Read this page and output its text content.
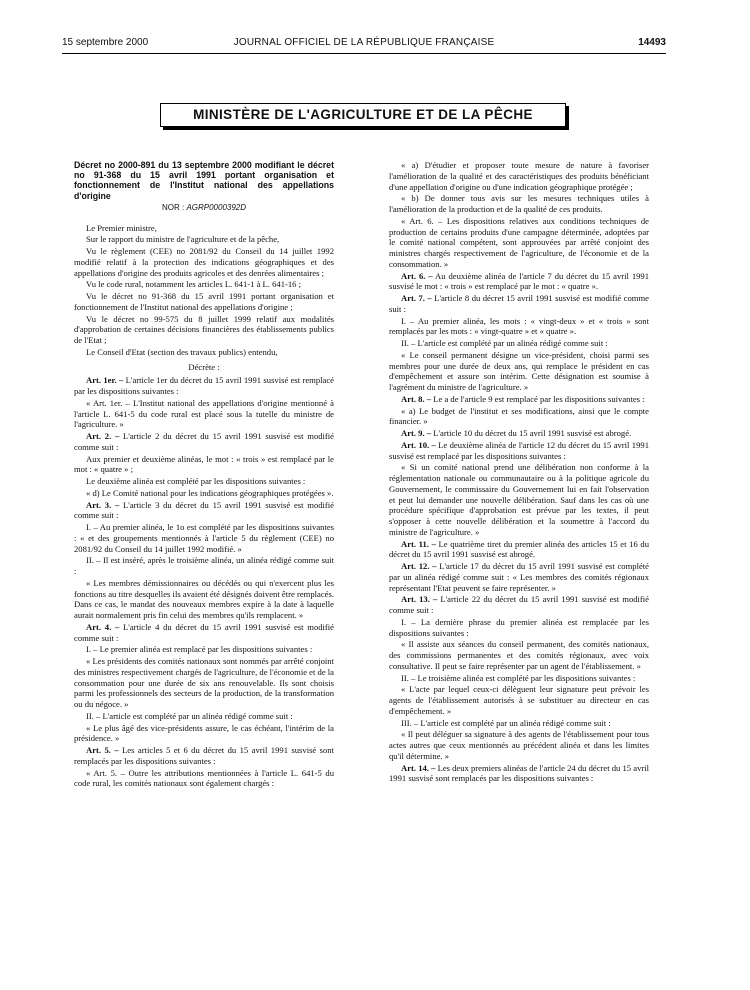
15 septembre 2000	JOURNAL OFFICIEL DE LA RÉPUBLIQUE FRANÇAISE	14493
MINISTÈRE DE L'AGRICULTURE ET DE LA PÊCHE
Décret no 2000-891 du 13 septembre 2000 modifiant le décret no 91-368 du 15 avril 1991 portant organisation et fonctionnement de l'Institut national des appellations d'origine
NOR : AGRP0000392D

Le Premier ministre,

Sur le rapport du ministre de l'agriculture et de la pêche,

Vu le règlement (CEE) no 2081/92 du Conseil du 14 juillet 1992 modifié relatif à la protection des indications géographiques et des appellations d'origine des produits agricoles et des denrées alimentaires ;

Vu le code rural, notamment les articles L. 641-1 à L. 641-16 ;

Vu le décret no 91-368 du 15 avril 1991 portant organisation et fonctionnement de l'Institut national des appellations d'origine ;

Vu le décret no 99-575 du 8 juillet 1999 relatif aux modalités d'approbation de certaines décisions financières des établissements publics de l'Etat ;

Le Conseil d'Etat (section des travaux publics) entendu,

Décrète :

Art. 1er. – L'article 1er du décret du 15 avril 1991 susvisé est remplacé par les dispositions suivantes :

« Art. 1er. – L'Institut national des appellations d'origine mentionné à l'article L. 641-5 du code rural est placé sous la tutelle du ministre de l'agriculture. »

Art. 2. – L'article 2 du décret du 15 avril 1991 susvisé est modifié comme suit :

Aux premier et deuxième alinéas, le mot : « trois » est remplacé par le mot : « quatre » ;

Le deuxième alinéa est complété par les dispositions suivantes :

« d) Le Comité national pour les indications géographiques protégées ».

Art. 3. – L'article 3 du décret du 15 avril 1991 susvisé est modifié comme suit :

I. – Au premier alinéa, le 1o est complété par les dispositions suivantes : « et des groupements mentionnés à l'article 5 du règlement (CEE) no 2081/92 du Conseil du 14 juillet 1992 modifié. »

II. – Il est inséré, après le troisième alinéa, un alinéa rédigé comme suit :

« Les membres démissionnaires ou décédés ou qui n'exercent plus les fonctions au titre desquelles ils avaient été désignés doivent être remplacés. Dans ce cas, le mandat des nouveaux membres expire à la date à laquelle aurait normalement pris fin celui des membres qu'ils remplacent. »

Art. 4. – L'article 4 du décret du 15 avril 1991 susvisé est modifié comme suit :

I. – Le premier alinéa est remplacé par les dispositions suivantes :

« Les présidents des comités nationaux sont nommés par arrêté conjoint des ministres respectivement chargés de l'agriculture, de l'économie et de la consommation pour une durée de six ans renouvelable. Ils sont choisis parmi les professionnels des secteurs de la production, de la transformation ou du négoce. »

II. – L'article est complété par un alinéa rédigé comme suit :

« Le plus âgé des vice-présidents assure, le cas échéant, l'intérim de la présidence. »

Art. 5. – Les articles 5 et 6 du décret du 15 avril 1991 susvisé sont remplacés par les dispositions suivantes :

« Art. 5. – Outre les attributions mentionnées à l'article L. 641-5 du code rural, les comités nationaux sont également chargés :

« a) D'étudier et proposer toute mesure de nature à favoriser l'amélioration de la qualité et des caractéristiques des produits bénéficiant d'une appellation d'origine ou d'une indication géographique protégée ;

« b) De donner tous avis sur les mesures techniques utiles à l'amélioration de la production et de la qualité de ces produits.

« Art. 6. – Les dispositions relatives aux conditions techniques de production de certains produits d'une campagne déterminée, adoptées par le comité national compétent, sont approuvées par arrêté conjoint des ministres chargés respectivement de l'agriculture, de l'économie et de la consommation. »

Art. 6. – Au deuxième alinéa de l'article 7 du décret du 15 avril 1991 susvisé le mot : « trois » est remplacé par le mot : « quatre ».

Art. 7. – L'article 8 du décret 15 avril 1991 susvisé est modifié comme suit :

I. – Au premier alinéa, les mots : « vingt-deux » et « trois » sont remplacés par les mots : « vingt-quatre » et « quatre ».

II. – L'article est complété par un alinéa rédigé comme suit :

« Le conseil permanent désigne un vice-président, choisi parmi ses membres pour une durée de deux ans, qui remplace le président en cas d'empêchement et assure son intérim. Cette désignation est soumise à l'agrément du ministre de l'agriculture. »

Art. 8. – Le a de l'article 9 est remplacé par les dispositions suivantes :

« a) Le budget de l'institut et ses modifications, ainsi que le compte financier. »

Art. 9. – L'article 10 du décret du 15 avril 1991 susvisé est abrogé.

Art. 10. – Le deuxième alinéa de l'article 12 du décret du 15 avril 1991 susvisé est remplacé par les dispositions suivantes :

« Si un comité national prend une délibération non conforme à la réglementation nationale ou communautaire ou à la politique agricole du Gouvernement, le commissaire du Gouvernement lui en fait l'observation et peut lui demander une nouvelle délibération. Sauf dans les cas où une procédure spécifique d'approbation est prévue par les textes, il peut s'opposer à cette nouvelle délibération et la soumettre à l'accord du ministre de l'agriculture. »

Art. 11. – Le quatrième tiret du premier alinéa des articles 15 et 16 du décret du 15 avril 1991 susvisé est abrogé.

Art. 12. – L'article 17 du décret du 15 avril 1991 susvisé est complété par un alinéa rédigé comme suit : « Les membres des comités régionaux représentant l'Etat peuvent se faire représenter. »

Art. 13. – L'article 22 du décret du 15 avril 1991 susvisé est modifié comme suit :

I. – La dernière phrase du premier alinéa est remplacée par les dispositions suivantes :

« Il assiste aux séances du conseil permanent, des comités nationaux, des commissions permanentes et des comités régionaux, avec voix consultative. Il peut se faire représenter par un agent de l'établissement. »

II. – Le troisième alinéa est complété par les dispositions suivantes :

« L'acte par lequel ceux-ci délèguent leur signature peut prévoir les agents de l'établissement autorisés à se substituer au directeur en cas d'empêchement. »

III. – L'article est complété par un alinéa rédigé comme suit :

« Il peut déléguer sa signature à des agents de l'établissement pour tous actes autres que ceux mentionnés au précédent alinéa et dans les limites qu'il détermine. »

Art. 14. – Les deux premiers alinéas de l'article 24 du décret du 15 avril 1991 susvisé sont remplacés par les dispositions suivantes :
